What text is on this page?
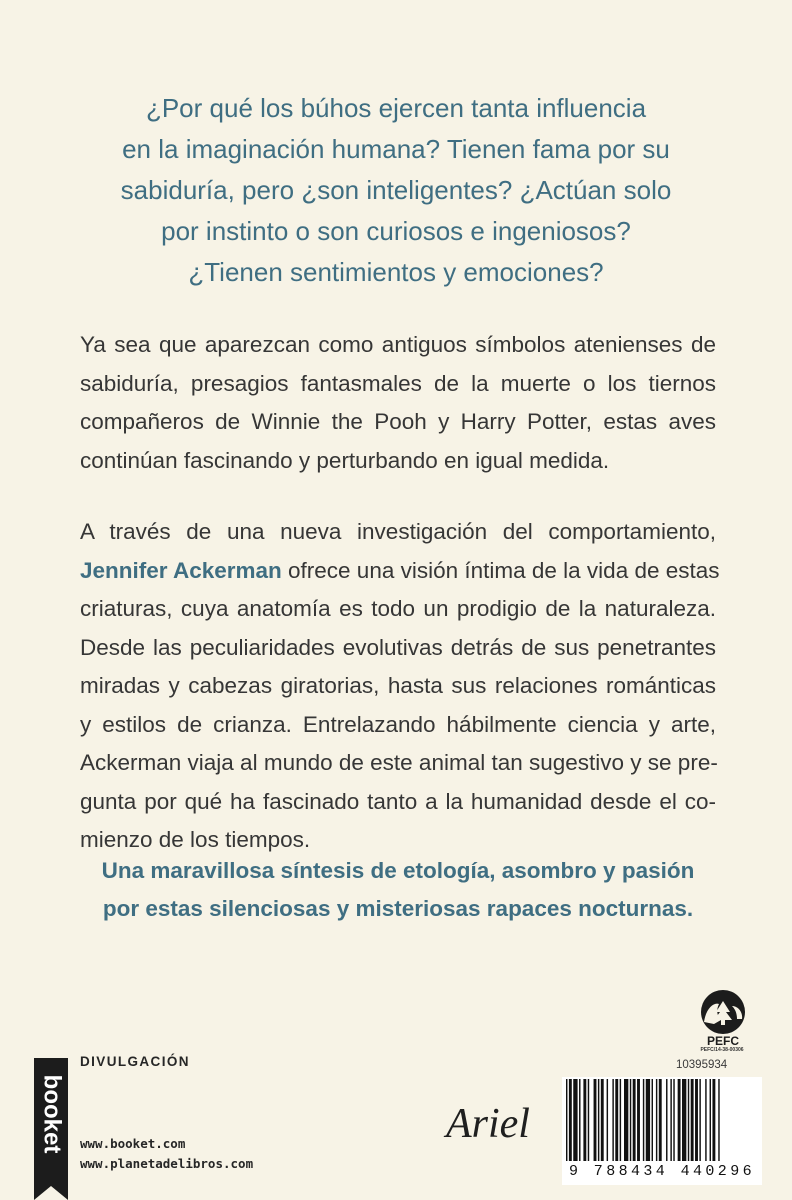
¿Por qué los búhos ejercen tanta influencia
en la imaginación humana? Tienen fama por su
sabiduría, pero ¿son inteligentes? ¿Actúan solo
por instinto o son curiosos e ingeniosos?
¿Tienen sentimientos y emociones?
Ya sea que aparezcan como antiguos símbolos atenienses de
sabiduría, presagios fantasmales de la muerte o los tiernos
compañeros de Winnie the Pooh y Harry Potter, estas aves
continúan fascinando y perturbando en igual medida.
A través de una nueva investigación del comportamiento,
Jennifer Ackerman ofrece una visión íntima de la vida de estas
criaturas, cuya anatomía es todo un prodigio de la naturaleza.
Desde las peculiaridades evolutivas detrás de sus penetrantes
miradas y cabezas giratorias, hasta sus relaciones románticas
y estilos de crianza. Entrelazando hábilmente ciencia y arte,
Ackerman viaja al mundo de este animal tan sugestivo y se pre-
gunta por qué ha fascinado tanto a la humanidad desde el co-
mienzo de los tiempos.
Una maravillosa síntesis de etología, asombro y pasión
por estas silenciosas y misteriosas rapaces nocturnas.
DIVULGACIÓN
www.booket.com
www.planetadelibros.com
booket	Ariel
PEFC
PEFC/14-38-00306
10395934
9 788434 440296
